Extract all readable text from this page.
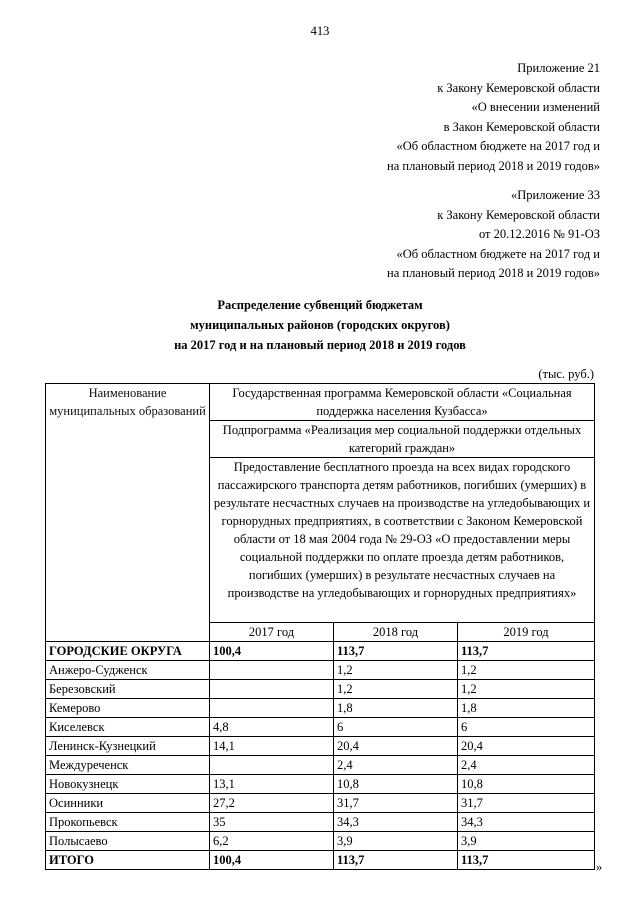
413
Приложение 21
к Закону Кемеровской области
«О внесении изменений
в Закон Кемеровской области
«Об областном бюджете на 2017 год и
на плановый период 2018 и 2019 годов»
«Приложение 33
к Закону Кемеровской области
от 20.12.2016 № 91-ОЗ
«Об областном бюджете на 2017 год и
на плановый период 2018 и 2019 годов»
Распределение субвенций бюджетам
муниципальных районов (городских округов)
на 2017 год и на плановый период 2018 и 2019 годов
(тыс. руб.)
Наименование муниципальных образований	Государственная программа Кемеровской области «Социальная поддержка населения Кузбасса»		
	Подпрограмма «Реализация мер социальной поддержки отдельных категорий граждан»		
	Предоставление бесплатного проезда на всех видах городского пассажирского транспорта детям работников, погибших (умерших) в результате несчастных случаев на производстве на угледобывающих и горнорудных предприятиях, в соответствии с Законом Кемеровской области от 18 мая 2004 года № 29-ОЗ «О предоставлении меры социальной поддержки по оплате проезда детям работников, погибших (умерших) в результате несчастных случаев на производстве на угледобывающих и горнорудных предприятиях»		
	2017 год	2018 год	2019 год
ГОРОДСКИЕ ОКРУГА	100,4	113,7	113,7
Анжеро-Судженск		1,2	1,2
Березовский		1,2	1,2
Кемерово		1,8	1,8
Киселевск	4,8	6	6
Ленинск-Кузнецкий	14,1	20,4	20,4
Междуреченск		2,4	2,4
Новокузнецк	13,1	10,8	10,8
Осинники	27,2	31,7	31,7
Прокопьевск	35	34,3	34,3
Полысаево	6,2	3,9	3,9
ИТОГО	100,4	113,7	113,7	»
